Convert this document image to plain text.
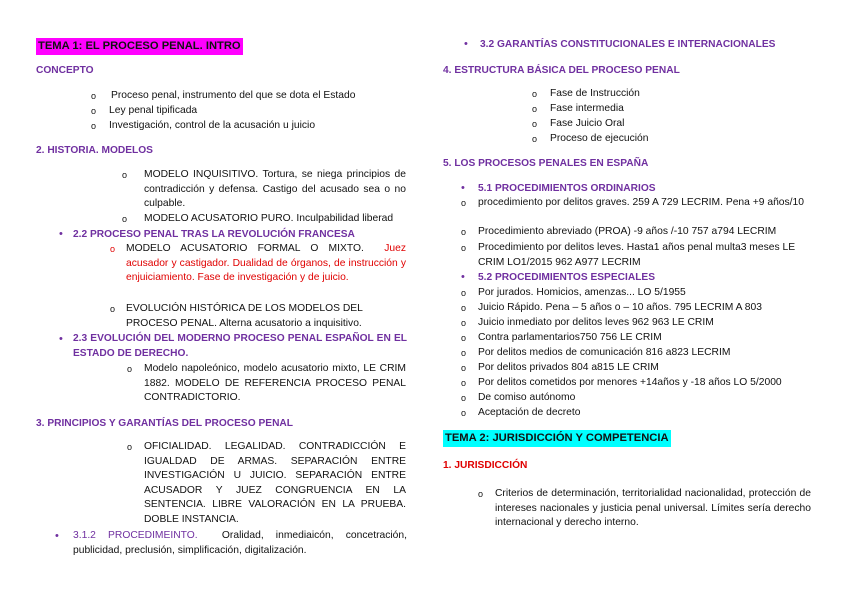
TEMA 1: EL PROCESO PENAL. INTRO
CONCEPTO
o
Proceso penal, instrumento del que se dota el Estado
o
Ley penal tipificada
o
Investigación, control de la acusación u juicio
2. HISTORIA. MODELOS
o
MODELO INQUISITIVO. Tortura, se niega principios de contradicción y defensa. Castigo del acusado sea o no culpable.
o
MODELO ACUSATORIO PURO. Inculpabilidad liberad
•
2.2 PROCESO PENAL TRAS LA REVOLUCIÓN FRANCESA
o
MODELO ACUSATORIO FORMAL O MIXTO. Juez acusador y castigador. Dualidad de órganos, de instrucción y enjuiciamiento. Fase de investigación y de juicio.
o
EVOLUCIÓN HISTÓRICA DE LOS MODELOS DEL PROCESO PENAL. Alterna acusatorio a inquisitivo.
•
2.3 EVOLUCIÓN DEL MODERNO PROCESO PENAL ESPAÑOL EN EL ESTADO DE DERECHO.
o
Modelo napoleónico, modelo acusatorio mixto, LE CRIM 1882. MODELO DE REFERENCIA PROCESO PENAL CONTRADICTORIO.
3. PRINCIPIOS Y GARANTÍAS DEL PROCESO PENAL
o
OFICIALIDAD. LEGALIDAD. CONTRADICCIÓN E IGUALDAD DE ARMAS. SEPARACIÓN ENTRE INVESTIGACIÓN U JUICIO. SEPARACIÓN ENTRE ACUSADOR Y JUEZ CONGRUENCIA EN LA SENTENCIA. LIBRE VALORACIÓN EN LA PRUEBA. DOBLE INSTANCIA.
•
3.1.2 PROCEDIMEINTO. Oralidad, inmediaicón, concetración, publicidad, preclusión, simplificación, digitalización.
•
3.2 GARANTÍAS CONSTITUCIONALES E INTERNACIONALES
4. ESTRUCTURA BÁSICA DEL PROCESO PENAL
o
Fase de Instrucción
o
Fase intermedia
o
Fase Juicio Oral
o
Proceso de ejecución
5. LOS PROCESOS PENALES EN ESPAÑA
•
5.1 PROCEDIMIENTOS ORDINARIOS
o
procedimiento por delitos graves. 259 A 729 LECRIM. Pena +9 años/10
o
Procedimiento abreviado (PROA) -9 años /-10 757 a794 LECRIM
o
Procedimiento por delitos leves. Hasta1 años penal multa3 meses LE CRIM LO1/2015 962 A977 LECRIM
•
5.2 PROCEDIMIENTOS ESPECIALES
o
Por jurados. Homicios, amenzas... LO 5/1955
o
Juicio Rápido. Pena – 5 años o – 10 años. 795 LECRIM A 803
o
Juicio inmediato por delitos leves 962 963 LE CRIM
o
Contra parlamentarios750 756 LE CRIM
o
Por delitos medios de comunicación 816 a823 LECRIM
o
Por delitos privados 804 a815 LE CRIM
o
Por delitos cometidos por menores +14años y -18 años LO 5/2000
o
De comiso autónomo
o
Aceptación de decreto
TEMA 2: JURISDICCIÓN Y COMPETENCIA
1. JURISDICCIÓN
o
Criterios de determinación, territorialidad nacionalidad, protección de intereses nacionales y justicia penal universal. Límites sería derecho internacional y derecho interno.
